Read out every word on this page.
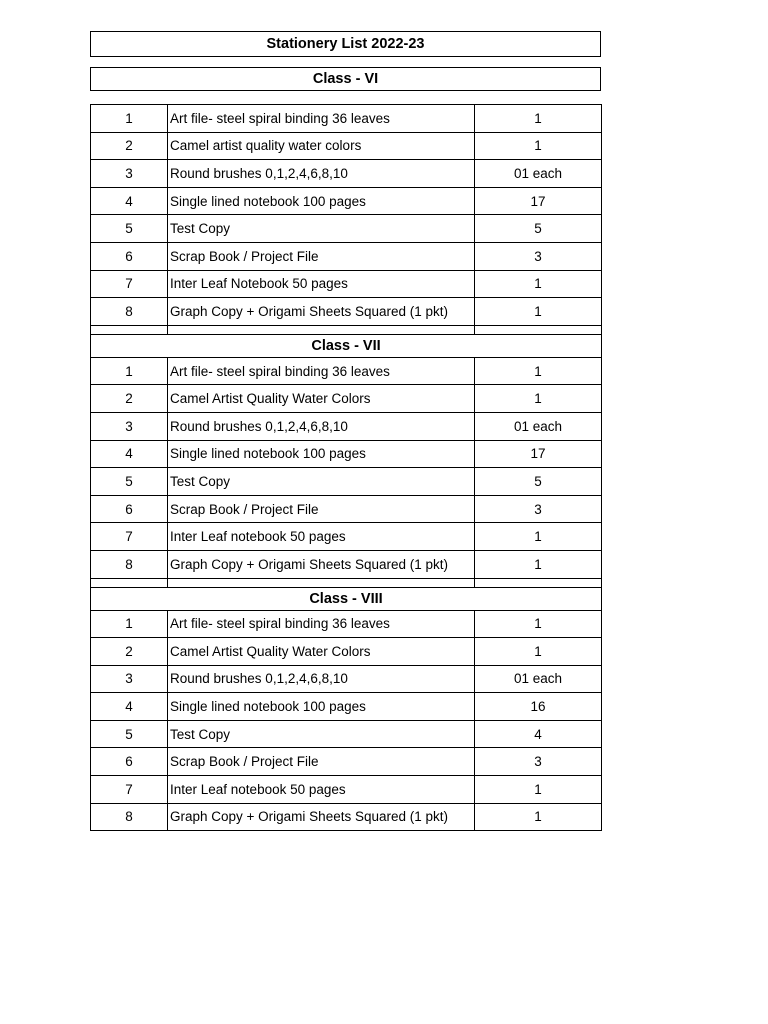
Stationery List 2022-23
Class - VI
1	Art file- steel spiral binding 36 leaves	1
2	Camel artist quality water colors	1
3	Round brushes 0,1,2,4,6,8,10	01 each
4	Single lined notebook 100 pages	17
5	Test Copy	5
6	Scrap Book / Project File	3
7	Inter Leaf Notebook 50 pages	1
8	Graph Copy + Origami Sheets Squared (1 pkt)	1

Class - VII		
1	Art file- steel spiral binding 36 leaves	1
2	Camel Artist Quality Water Colors	1
3	Round brushes 0,1,2,4,6,8,10	01 each
4	Single lined notebook 100 pages	17
5	Test Copy	5
6	Scrap Book / Project File	3
7	Inter Leaf notebook 50 pages	1
8	Graph Copy + Origami Sheets Squared (1 pkt)	1

Class - VIII		
1	Art file- steel spiral binding 36 leaves	1
2	Camel Artist Quality Water Colors	1
3	Round brushes 0,1,2,4,6,8,10	01 each
4	Single lined notebook 100 pages	16
5	Test Copy	4
6	Scrap Book / Project File	3
7	Inter Leaf notebook 50 pages	1
8	Graph Copy + Origami Sheets Squared (1 pkt)	1
